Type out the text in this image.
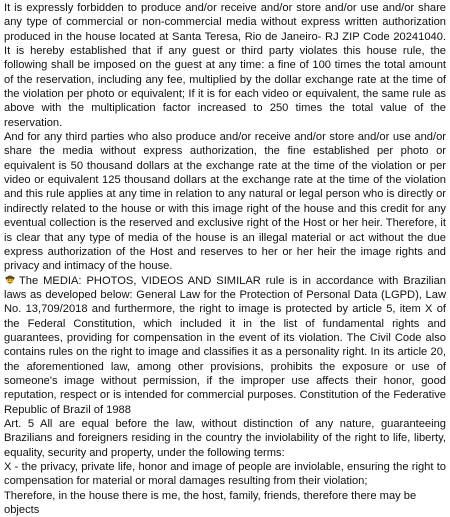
It is expressly forbidden to produce and/or receive and/or store and/or use and/or share any type of commercial or non-commercial media without express written authorization produced in the house located at Santa Teresa, Rio de Janeiro- RJ ZIP Code 20241040. It is hereby established that if any guest or third party violates this house rule, the following shall be imposed on the guest at any time: a fine of 100 times the total amount of the reservation, including any fee, multiplied by the dollar exchange rate at the time of the violation per photo or equivalent; If it is for each video or equivalent, the same rule as above with the multiplication factor increased to 250 times the total value of the reservation.

And for any third parties who also produce and/or receive and/or store and/or use and/or share the media without express authorization, the fine established per photo or equivalent is 50 thousand dollars at the exchange rate at the time of the violation or per video or equivalent 125 thousand dollars at the exchange rate at the time of the violation and this rule applies at any time in relation to any natural or legal person who is directly or indirectly related to the house or with this image right of the house and this credit for any eventual collection is the reserved and exclusive right of the Host or her heir. Therefore, it is clear that any type of media of the house is an illegal material or act without the due express authorization of the Host and reserves to her or her heir the image rights and privacy and intimacy of the house.

The MEDIA: PHOTOS, VIDEOS AND SIMILAR rule is in accordance with Brazilian laws as developed below: General Law for the Protection of Personal Data (LGPD), Law No. 13,709/2018 and furthermore, the right to image is protected by article 5, item X of the Federal Constitution, which included it in the list of fundamental rights and guarantees, providing for compensation in the event of its violation. The Civil Code also contains rules on the right to image and classifies it as a personality right. In its article 20, the aforementioned law, among other provisions, prohibits the exposure or use of someone's image without permission, if the improper use affects their honor, good reputation, respect or is intended for commercial purposes. Constitution of the Federative Republic of Brazil of 1988

Art. 5 All are equal before the law, without distinction of any nature, guaranteeing Brazilians and foreigners residing in the country the inviolability of the right to life, liberty, equality, security and property, under the following terms:

X - the privacy, private life, honor and image of people are inviolable, ensuring the right to compensation for material or moral damages resulting from their violation;

Therefore, in the house there is me, the host, family, friends, therefore there may be objects
